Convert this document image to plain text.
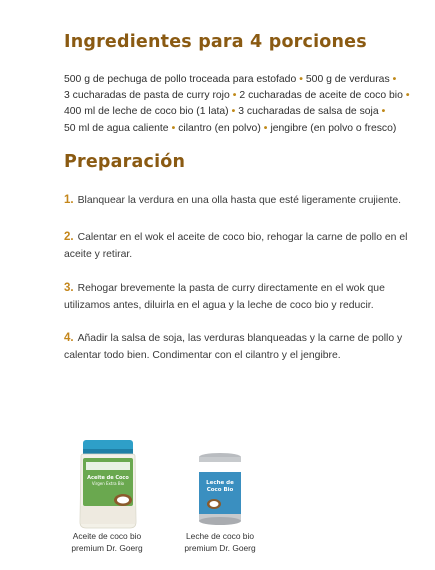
Ingredientes para 4 porciones
500 g de pechuga de pollo troceada para estofado • 500 g de verduras •
3 cucharadas de pasta de curry rojo • 2 cucharadas de aceite de coco bio •
400 ml de leche de coco bio (1 lata) • 3 cucharadas de salsa de soja •
50 ml de agua caliente • cilantro (en polvo) • jengibre (en polvo o fresco)
Preparación
1. Blanquear la verdura en una olla hasta que esté ligeramente crujiente.
2. Calentar en el wok el aceite de coco bio, rehogar la carne de pollo en el aceite y retirar.
3. Rehogar brevemente la pasta de curry directamente en el wok que utilizamos antes, diluirla en el agua y la leche de coco bio y reducir.
4. Añadir la salsa de soja, las verduras blanqueadas y la carne de pollo y calentar todo bien. Condimentar con el cilantro y el jengibre.
Aceite de Coco
Virgen Extra Bio	Leche de
Coco Bio
Aceite de coco bio
premium Dr. Goerg
Leche de coco bio
premium Dr. Goerg
